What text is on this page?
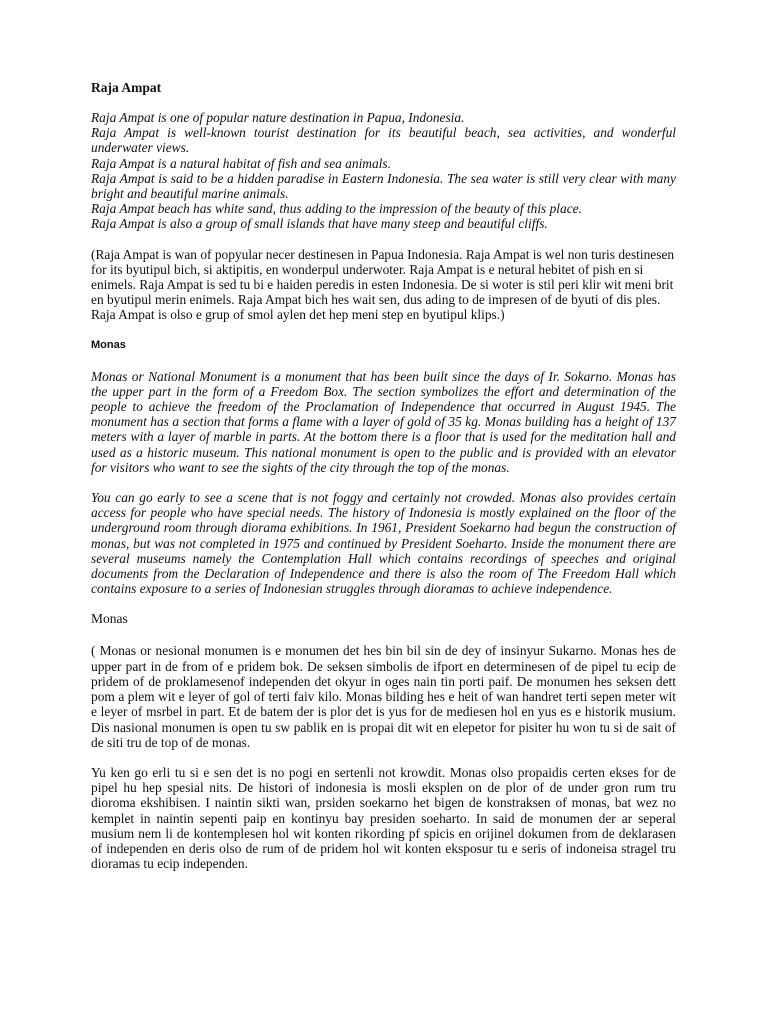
Raja Ampat
Raja Ampat is one of popular nature destination in Papua, Indonesia.
Raja Ampat is well-known tourist destination for its beautiful beach, sea activities, and wonderful underwater views.
Raja Ampat is a natural habitat of fish and sea animals.
Raja Ampat is said to be a hidden paradise in Eastern Indonesia. The sea water is still very clear with many bright and beautiful marine animals.
Raja Ampat beach has white sand, thus adding to the impression of the beauty of this place.
Raja Ampat is also a group of small islands that have many steep and beautiful cliffs.
(Raja Ampat is wan of popyular necer destinesen in Papua Indonesia. Raja Ampat is wel non turis destinesen for its byutipul bich, si aktipitis, en wonderpul underwoter. Raja Ampat is e netural hebitet of pish en si enimels. Raja Ampat is sed tu bi e haiden peredis in esten Indonesia. De si woter is stil peri klir wit meni brit en byutipul merin enimels. Raja Ampat bich hes wait sen, dus ading to de impresen of de byuti of dis ples. Raja Ampat is olso e grup of smol aylen det hep meni step en byutipul klips.)
Monas
Monas or National Monument is a monument that has been built since the days of Ir. Sokarno. Monas has the upper part in the form of a Freedom Box. The section symbolizes the effort and determination of the people to achieve the freedom of the Proclamation of Independence that occurred in August 1945. The monument has a section that forms a flame with a layer of gold of 35 kg. Monas building has a height of 137 meters with a layer of marble in parts. At the bottom there is a floor that is used for the meditation hall and used as a historic museum. This national monument is open to the public and is provided with an elevator for visitors who want to see the sights of the city through the top of the monas.
You can go early to see a scene that is not foggy and certainly not crowded. Monas also provides certain access for people who have special needs. The history of Indonesia is mostly explained on the floor of the underground room through diorama exhibitions. In 1961, President Soekarno had begun the construction of monas, but was not completed in 1975 and continued by President Soeharto. Inside the monument there are several museums namely the Contemplation Hall which contains recordings of speeches and original documents from the Declaration of Independence and there is also the room of The Freedom Hall which contains exposure to a series of Indonesian struggles through dioramas to achieve independence.
Monas
( Monas or nesional monumen is e monumen det hes bin bil sin de dey of insinyur Sukarno. Monas hes de upper part in de from of e pridem bok. De seksen simbolis de ifport en determinesen of de pipel tu ecip de pridem of de proklamesenof independen det okyur in oges nain tin porti paif. De monumen hes seksen dett pom a plem wit e leyer of gol of terti faiv kilo. Monas bilding hes e heit of wan handret terti sepen meter wit e leyer of msrbel in part. Et de batem der is plor det is yus for de mediesen hol en yus es e historik musium. Dis nasional monumen is open tu sw pablik en is propai dit wit en elepetor for pisiter hu won tu si de sait of de siti tru de top of de monas.
Yu ken go erli tu si e sen det is no pogi en sertenli not krowdit. Monas olso propaidis certen ekses for de pipel hu hep spesial nits. De histori of indonesia is mosli eksplen on de plor of de under gron rum tru dioroma ekshibisen. I naintin sikti wan, prsiden soekarno het bigen de konstraksen of monas, bat wez no kemplet in naintin sepenti paip en kontinyu bay presiden soeharto. In said de monumen der ar seperal musium nem li de kontemplesen hol wit konten rikording pf spicis en orijinel dokumen from de deklarasen of independen en deris olso de rum of de pridem hol wit konten eksposur tu e seris of indoneisa stragel tru dioramas tu ecip independen.
